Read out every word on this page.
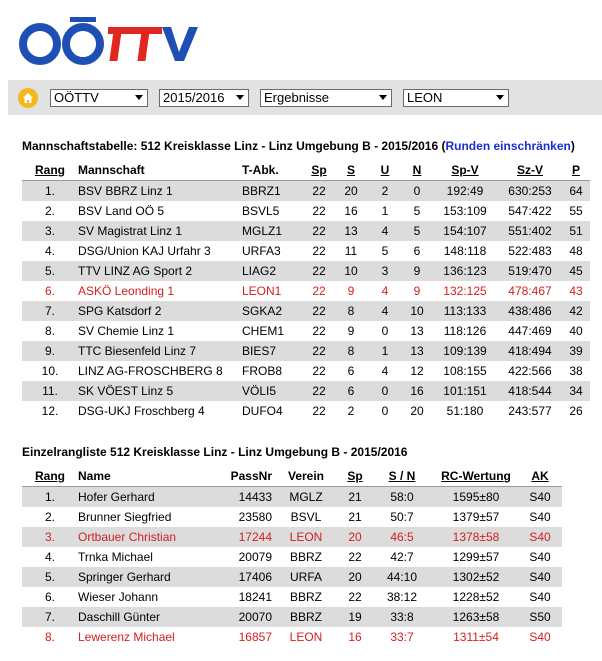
OÖTTV	2015/2016	Ergebnisse	LEON
Mannschaftstabelle: 512 Kreisklasse Linz - Linz Umgebung B - 2015/2016 (Runden einschränken)
Rang	Mannschaft	T-Abk.	Sp	S	U	N	Sp-V	Sz-V	P
1.	BSV BBRZ Linz 1	BBRZ1	22	20	2	0	192:49	630:253	64
2.	BSV Land OÖ 5	BSVL5	22	16	1	5	153:109	547:422	55
3.	SV Magistrat Linz 1	MGLZ1	22	13	4	5	154:107	551:402	51
4.	DSG/Union KAJ Urfahr 3	URFA3	22	11	5	6	148:118	522:483	48
5.	TTV LINZ AG Sport 2	LIAG2	22	10	3	9	136:123	519:470	45
6.	ASKÖ Leonding 1	LEON1	22	9	4	9	132:125	478:467	43
7.	SPG Katsdorf 2	SGKA2	22	8	4	10	113:133	438:486	42
8.	SV Chemie Linz 1	CHEM1	22	9	0	13	118:126	447:469	40
9.	TTC Biesenfeld Linz 7	BIES7	22	8	1	13	109:139	418:494	39
10.	LINZ AG-FROSCHBERG 8	FROB8	22	6	4	12	108:155	422:566	38
11.	SK VÖEST Linz 5	VÖLI5	22	6	0	16	101:151	418:544	34
12.	DSG-UKJ Froschberg 4	DUFO4	22	2	0	20	51:180	243:577	26
Einzelrangliste 512 Kreisklasse Linz - Linz Umgebung B - 2015/2016
Rang	Name	PassNr	Verein	Sp	S / N	RC-Wertung	AK
1.	Hofer Gerhard	14433	MGLZ	21	58:0	1595±80	S40
2.	Brunner Siegfried	23580	BSVL	21	50:7	1379±57	S40
3.	Ortbauer Christian	17244	LEON	20	46:5	1378±58	S40
4.	Trnka Michael	20079	BBRZ	22	42:7	1299±57	S40
5.	Springer Gerhard	17406	URFA	20	44:10	1302±52	S40
6.	Wieser Johann	18241	BBRZ	22	38:12	1228±52	S40
7.	Daschill Günter	20070	BBRZ	19	33:8	1263±58	S50
8.	Lewerenz Michael	16857	LEON	16	33:7	1311±54	S40
